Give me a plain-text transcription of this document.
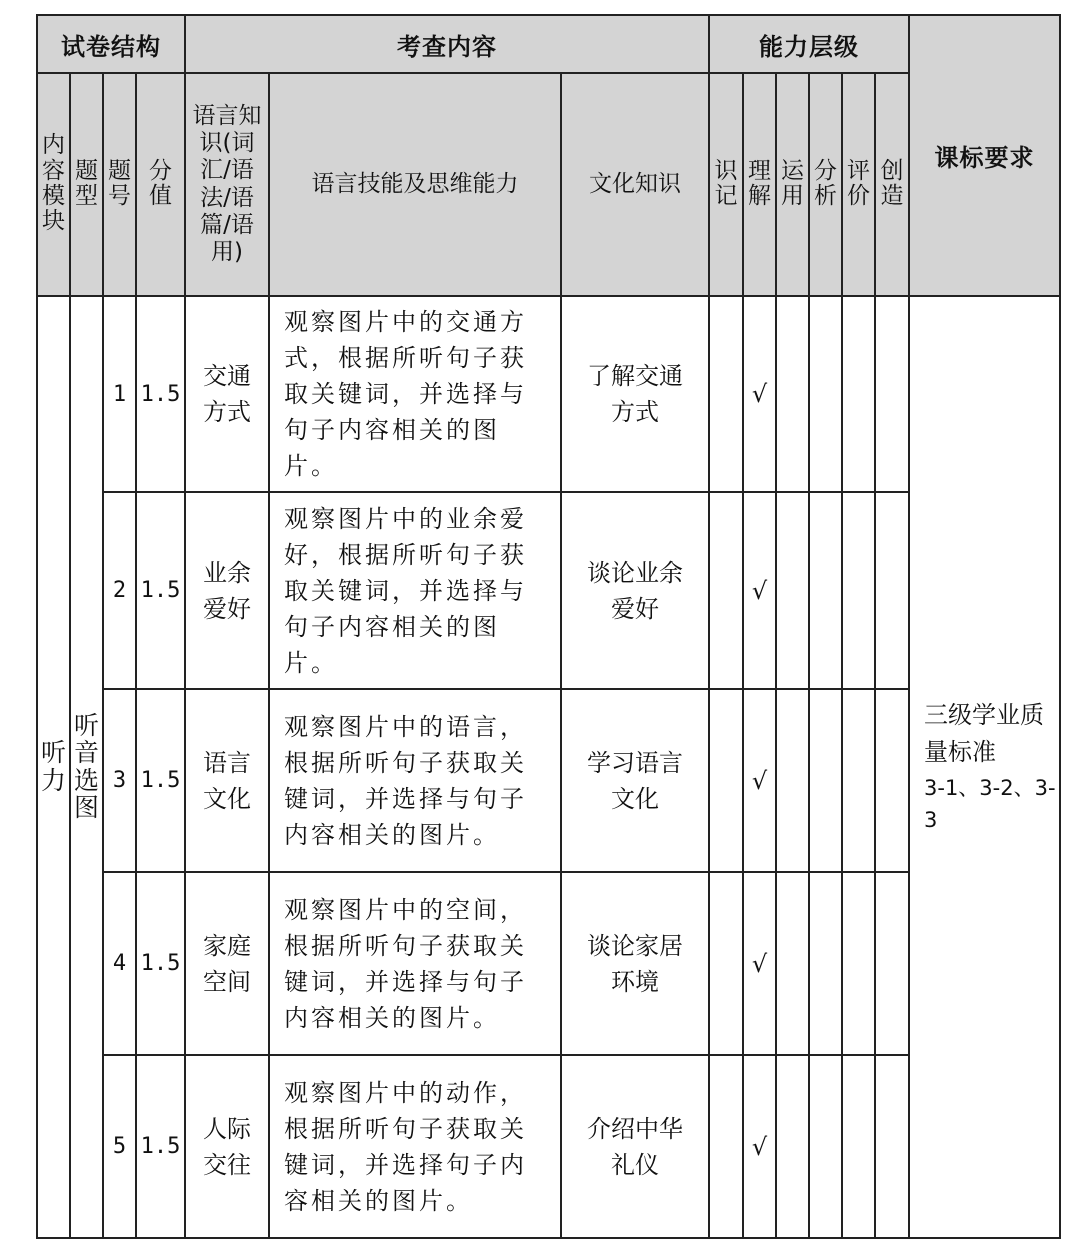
试卷结构				考查内容			能力层级						课标要求
内容模块	题型	题号	分值	语言知识(词汇/语法/语篇/语用)	语言技能及思维能力	文化知识	识记	理解	运用	分析	评价	创造	
听力	听音选图	1	1.5	交通方式	观察图片中的交通方式，根据所听句子获取关键词，并选择与句子内容相关的图片。	了解交通方式		√					三级学业质量标准
3-1、3-2、3-3

		2	1.5	业余爱好	观察图片中的业余爱好，根据所听句子获取关键词，并选择与句子内容相关的图片。	谈论业余爱好		√					
		3	1.5	语言文化	观察图片中的语言，根据所听句子获取关键词，并选择与句子内容相关的图片。	学习语言文化		√					
		4	1.5	家庭空间	观察图片中的空间，根据所听句子获取关键词，并选择与句子内容相关的图片。	谈论家居环境		√					
		5	1.5	人际交往	观察图片中的动作，根据所听句子获取关键词，并选择句子内容相关的图片。	介绍中华礼仪		√					
